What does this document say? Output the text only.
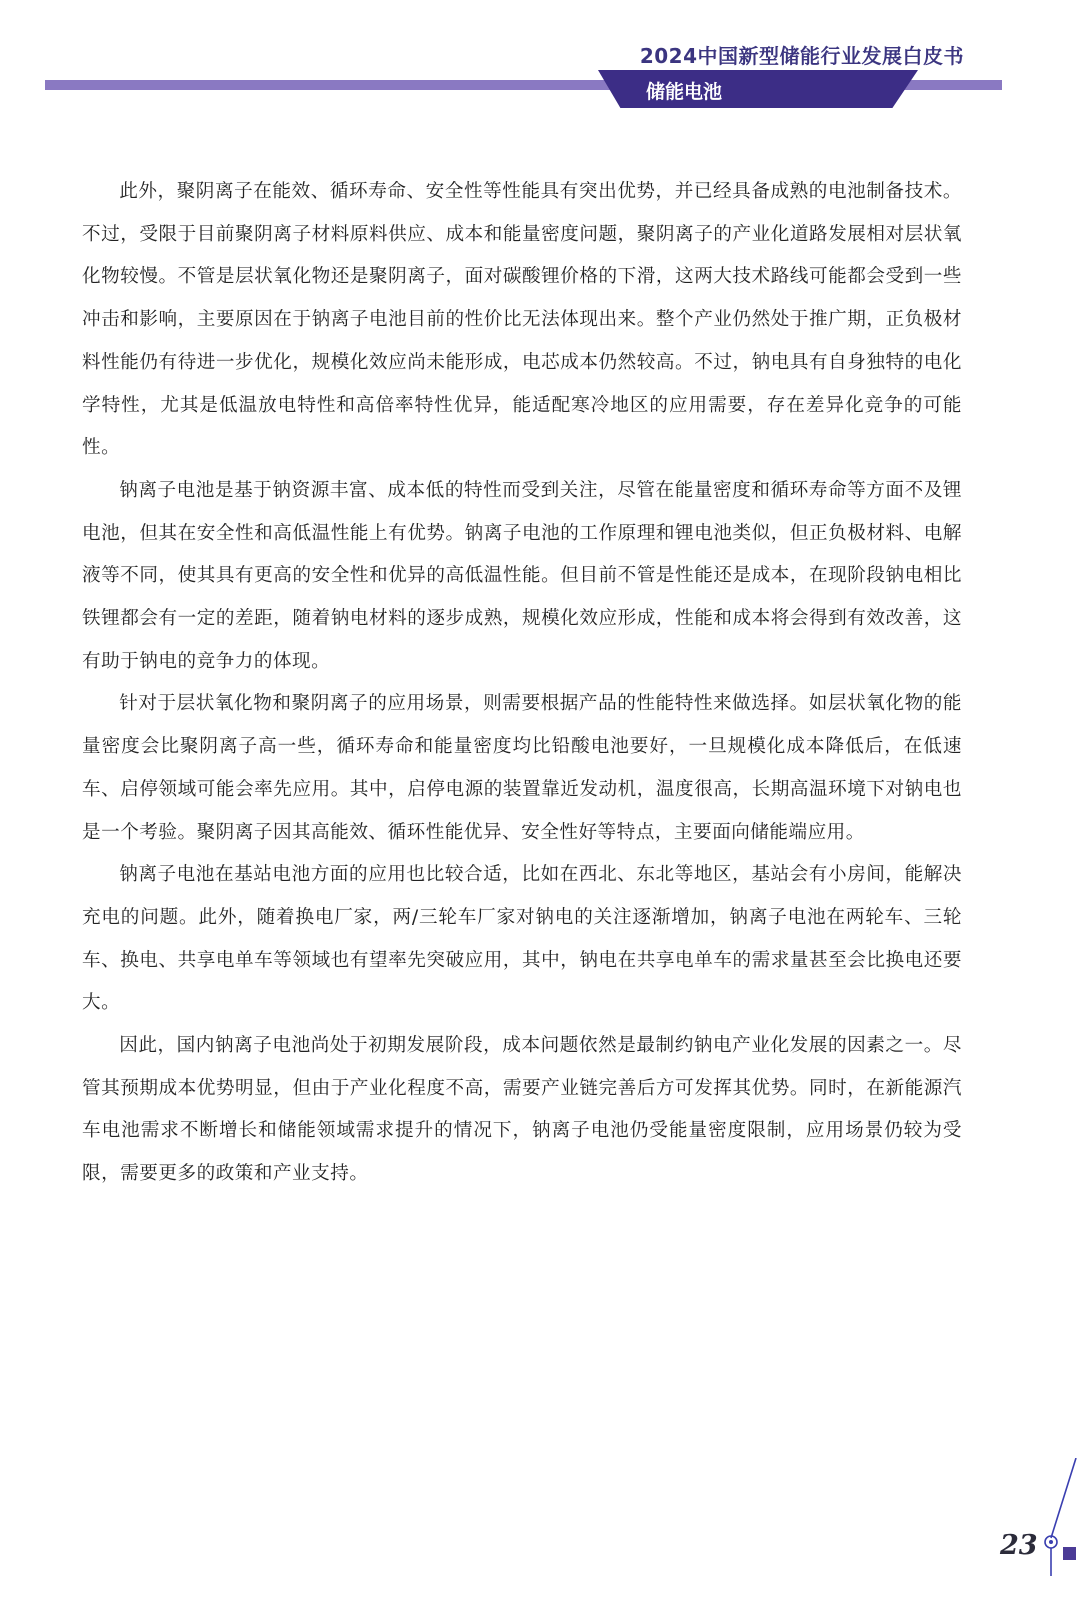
2024中国新型储能行业发展白皮书
储能电池

此外，聚阴离子在能效、循环寿命、安全性等性能具有突出优势，并已经具备成熟的电池制备技术。不过，受限于目前聚阴离子材料原料供应、成本和能量密度问题，聚阴离子的产业化道路发展相对层状氧化物较慢。不管是层状氧化物还是聚阴离子，面对碳酸锂价格的下滑，这两大技术路线可能都会受到一些冲击和影响，主要原因在于钠离子电池目前的性价比无法体现出来。整个产业仍然处于推广期，正负极材料性能仍有待进一步优化，规模化效应尚未能形成，电芯成本仍然较高。不过，钠电具有自身独特的电化学特性，尤其是低温放电特性和高倍率特性优异，能适配寒冷地区的应用需要，存在差异化竞争的可能性。

钠离子电池是基于钠资源丰富、成本低的特性而受到关注，尽管在能量密度和循环寿命等方面不及锂电池，但其在安全性和高低温性能上有优势。钠离子电池的工作原理和锂电池类似，但正负极材料、电解液等不同，使其具有更高的安全性和优异的高低温性能。但目前不管是性能还是成本，在现阶段钠电相比铁锂都会有一定的差距，随着钠电材料的逐步成熟，规模化效应形成，性能和成本将会得到有效改善，这有助于钠电的竞争力的体现。

针对于层状氧化物和聚阴离子的应用场景，则需要根据产品的性能特性来做选择。如层状氧化物的能量密度会比聚阴离子高一些，循环寿命和能量密度均比铅酸电池要好，一旦规模化成本降低后，在低速车、启停领域可能会率先应用。其中，启停电源的装置靠近发动机，温度很高，长期高温环境下对钠电也是一个考验。聚阴离子因其高能效、循环性能优异、安全性好等特点，主要面向储能端应用。

钠离子电池在基站电池方面的应用也比较合适，比如在西北、东北等地区，基站会有小房间，能解决充电的问题。此外，随着换电厂家，两/三轮车厂家对钠电的关注逐渐增加，钠离子电池在两轮车、三轮车、换电、共享电单车等领域也有望率先突破应用，其中，钠电在共享电单车的需求量甚至会比换电还要大。

因此，国内钠离子电池尚处于初期发展阶段，成本问题依然是最制约钠电产业化发展的因素之一。尽管其预期成本优势明显，但由于产业化程度不高，需要产业链完善后方可发挥其优势。同时，在新能源汽车电池需求不断增长和储能领域需求提升的情况下，钠离子电池仍受能量密度限制，应用场景仍较为受限，需要更多的政策和产业支持。

23
